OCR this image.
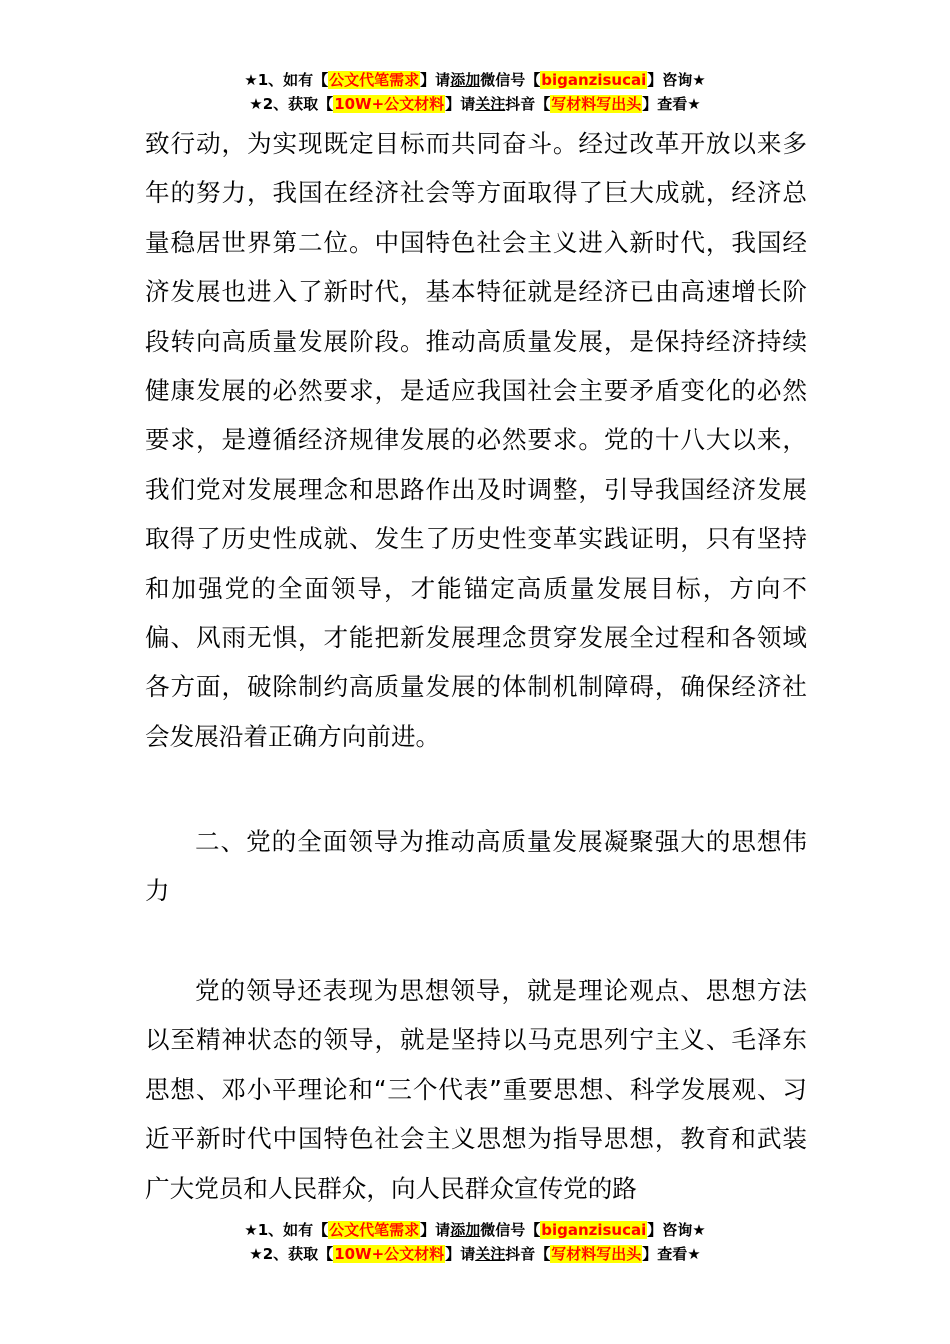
★1、如有【公文代笔需求】请添加微信号【biganzisucai】咨询★
★2、获取【10W+公文材料】请关注抖音【写材料写出头】查看★

致行动，为实现既定目标而共同奋斗。经过改革开放以来多年的努力，我国在经济社会等方面取得了巨大成就，经济总量稳居世界第二位。中国特色社会主义进入新时代，我国经济发展也进入了新时代，基本特征就是经济已由高速增长阶段转向高质量发展阶段。推动高质量发展，是保持经济持续健康发展的必然要求，是适应我国社会主要矛盾变化的必然要求，是遵循经济规律发展的必然要求。党的十八大以来，我们党对发展理念和思路作出及时调整，引导我国经济发展取得了历史性成就、发生了历史性变革实践证明，只有坚持和加强党的全面领导，才能锚定高质量发展目标，方向不偏、风雨无惧，才能把新发展理念贯穿发展全过程和各领域各方面，破除制约高质量发展的体制机制障碍，确保经济社会发展沿着正确方向前进。

二、党的全面领导为推动高质量发展凝聚强大的思想伟力

党的领导还表现为思想领导，就是理论观点、思想方法以至精神状态的领导，就是坚持以马克思列宁主义、毛泽东思想、邓小平理论和“三个代表”重要思想、科学发展观、习近平新时代中国特色社会主义思想为指导思想，教育和武装广大党员和人民群众，向人民群众宣传党的路

★1、如有【公文代笔需求】请添加微信号【biganzisucai】咨询★
★2、获取【10W+公文材料】请关注抖音【写材料写出头】查看★
